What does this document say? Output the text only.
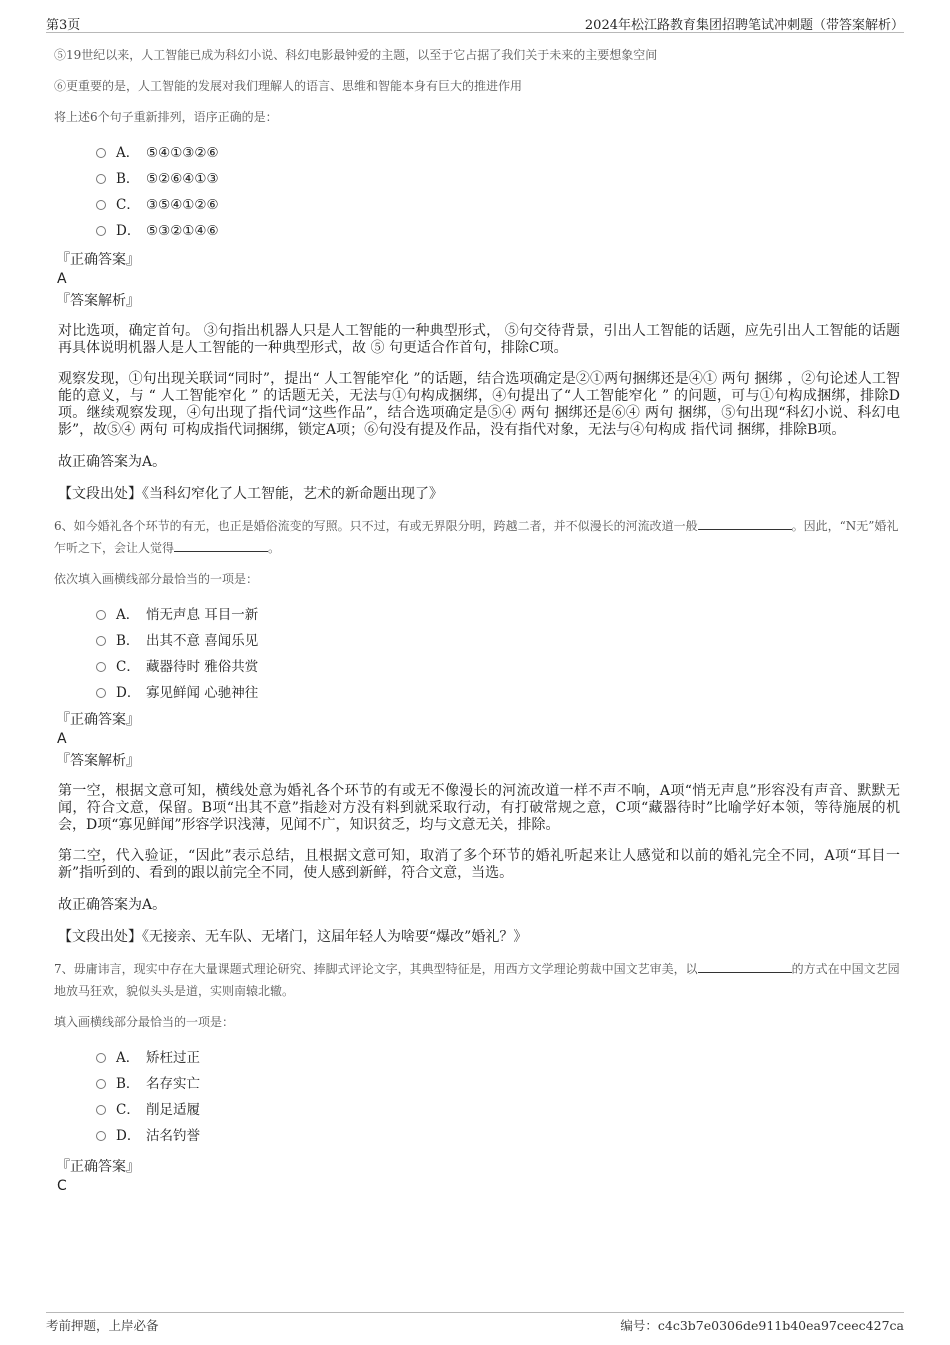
第3页	2024年松江路教育集团招聘笔试冲刺题（带答案解析）

⑤19世纪以来，人工智能已成为科幻小说、科幻电影最钟爱的主题，以至于它占据了我们关于未来的主要想象空间

⑥更重要的是，人工智能的发展对我们理解人的语言、思维和智能本身有巨大的推进作用

将上述6个句子重新排列，语序正确的是：

A． ⑤④①③②⑥
B． ⑤②⑥④①③
C． ③⑤④①②⑥
D． ⑤③②①④⑥

『正确答案』

A

『答案解析』

对比选项，确定首句。 ③句指出机器人只是人工智能的一种典型形式， ⑤句交待背景，引出人工智能的话题，应先引出人工智能的话题再具体说明机器人是人工智能的一种典型形式，故 ⑤ 句更适合作首句，排除C项。

观察发现，①句出现关联词“同时”，提出“ 人工智能窄化 ”的话题，结合选项确定是②①两句捆绑还是④① 两句 捆绑 ，②句论述人工智能的意义，与 “ 人工智能窄化 ” 的话题无关，无法与①句构成捆绑，④句提出了“人工智能窄化 ” 的问题，可与①句构成捆绑，排除D项。继续观察发现，④句出现了指代词“这些作品”，结合选项确定是⑤④ 两句 捆绑还是⑥④ 两句 捆绑，⑤句出现“科幻小说、科幻电影”，故⑤④ 两句 可构成指代词捆绑，锁定A项；⑥句没有提及作品，没有指代对象，无法与④句构成 指代词 捆绑，排除B项。

故正确答案为A。

【文段出处】《当科幻窄化了人工智能，艺术的新命题出现了》

6、如今婚礼各个环节的有无，也正是婚俗流变的写照。只不过，有或无界限分明，跨越二者，并不似漫长的河流改道一般	。因此，“N无”婚礼乍听之下，会让人觉得	。

依次填入画横线部分最恰当的一项是：

A． 悄无声息 耳目一新
B． 出其不意 喜闻乐见
C． 藏器待时 雅俗共赏
D． 寡见鲜闻 心驰神往

『正确答案』

A

『答案解析』

第一空，根据文意可知，横线处意为婚礼各个环节的有或无不像漫长的河流改道一样不声不响，A项“悄无声息”形容没有声音、默默无闻，符合文意，保留。B项“出其不意”指趁对方没有料到就采取行动，有打破常规之意，C项“藏器待时”比喻学好本领，等待施展的机会，D项“寡见鲜闻”形容学识浅薄，见闻不广，知识贫乏，均与文意无关，排除。

第二空，代入验证，“因此”表示总结，且根据文意可知，取消了多个环节的婚礼听起来让人感觉和以前的婚礼完全不同，A项“耳目一新”指听到的、看到的跟以前完全不同，使人感到新鲜，符合文意，当选。

故正确答案为A。

【文段出处】《无接亲、无车队、无堵门，这届年轻人为啥要“爆改”婚礼？》

7、毋庸讳言，现实中存在大量课题式理论研究、捧脚式评论文字，其典型特征是，用西方文学理论剪裁中国文艺审美，以	的方式在中国文艺园地放马狂欢，貌似头头是道，实则南辕北辙。

填入画横线部分最恰当的一项是：

A． 矫枉过正
B． 名存实亡
C． 削足适履
D． 沽名钓誉

『正确答案』

C

考前押题，上岸必备	编号：c4c3b7e0306de911b40ea97ceec427ca
